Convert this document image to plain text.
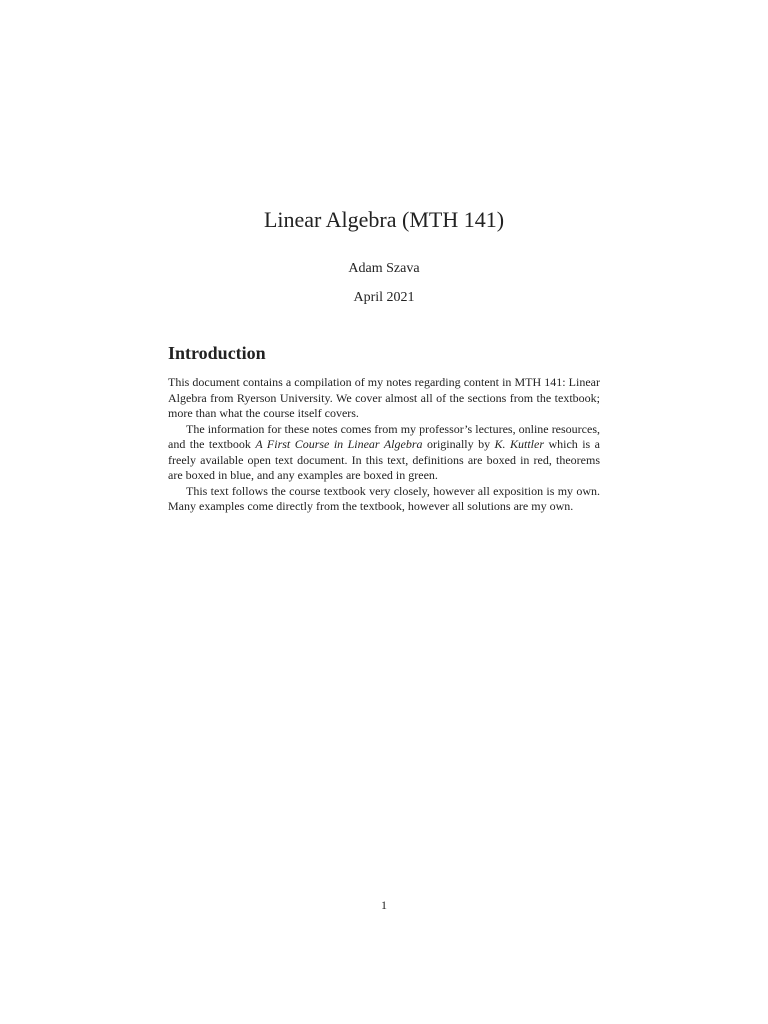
Linear Algebra (MTH 141)
Adam Szava
April 2021
Introduction

This document contains a compilation of my notes regarding content in MTH 141: Linear Algebra from Ryerson University. We cover almost all of the sections from the textbook; more than what the course itself covers.

The information for these notes comes from my professor’s lectures, online resources, and the textbook A First Course in Linear Algebra originally by K. Kuttler which is a freely available open text document. In this text, definitions are boxed in red, theorems are boxed in blue, and any examples are boxed in green.

This text follows the course textbook very closely, however all exposition is my own. Many examples come directly from the textbook, however all solutions are my own.

1
